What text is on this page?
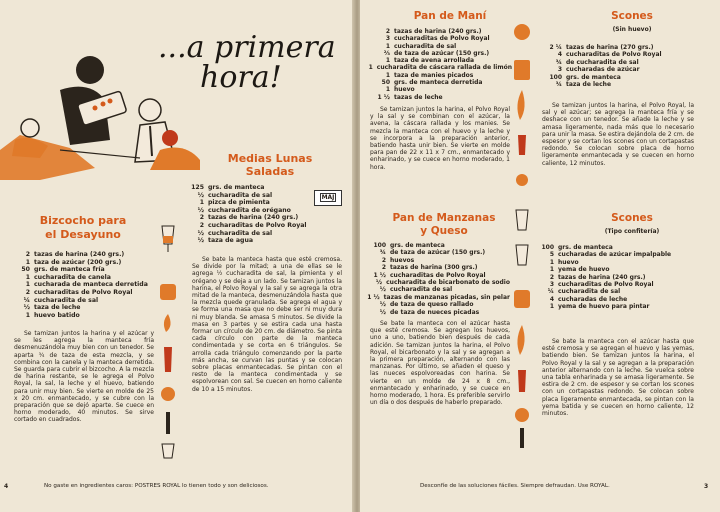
...a primera
Medias Lunas
Saladas
MAJ
125 grs. de manteca
½ cucharadita de sal
1 pizca de pimienta
½ cucharadita de orégano
2 tazas de harina (240 grs.)
2 cucharaditas de Polvo Royal
½ cucharadita de sal
½ taza de agua
Se bate la manteca hasta que esté cremosa. Se divide por la mitad; a una de ellas se le agrega ½ cucharadita de sal, la pimienta y el orégano y se deja a un lado. Se tamizan juntos la harina, el Polvo Royal y la sal y se agrega la otra mitad de la manteca, desmenuzándola hasta que la mezcla quede granulada. Se agrega el agua y se forma una masa que no debe ser ni muy dura ni muy blanda. Se amasa 5 minutos. Se divide la masa en 3 partes y se estira cada una hasta formar un círculo de 20 cm. de diámetro. Se pinta cada círculo con parte de la manteca condimentada y se corta en 6 triángulos. Se arrolla cada triángulo comenzando por la parte más ancha, se curvan las puntas y se colocan sobre placas enmantecadas. Se pintan con el resto de la manteca condimentada y se espolvorean con sal. Se cuecen en horno caliente de 10 a 15 minutos.
Bizcocho para
el Desayuno
2 tazas de harina (240 grs.)
1 taza de azúcar (200 grs.)
50 grs. de manteca fría
1 cucharadita de canela
1 cucharada de manteca derretida
2 cucharaditas de Polvo Royal
¼ cucharadita de sal
½ taza de leche
1 huevo batido
Se tamizan juntos la harina y el azúcar y se les agrega la manteca fría desmenuzándola muy bien con un tenedor. Se aparta ¾ de taza de esta mezcla, y se combina con la canela y la manteca derretida. Se guarda para cubrir el bizcocho. A la mezcla de harina restante, se le agrega el Polvo Royal, la sal, la leche y el huevo, batiendo para unir muy bien. Se vierte en molde de 25 x 20 cm. enmantecado, y se cubre con la preparación que se dejó aparte. Se cuece en horno moderado, 40 minutos. Se sirve cortado en cuadrados.
4	No gaste en ingredientes caros: POSTRES ROYAL lo tienen todo y son deliciosos.
hora!
Pan de Maní
2 tazas de harina (240 grs.)
3 cucharaditas de Polvo Royal
1 cucharadita de sal
⅔ de taza de azúcar (150 grs.)
1 taza de avena arrollada
1 cucharadita de cáscara rallada de limón
1 taza de manies picados
50 grs. de manteca derretida
1 huevo
1 ½ tazas de leche
Se tamizan juntos la harina, el Polvo Royal y la sal y se combinan con el azúcar, la avena, la cáscara rallada y los manies. Se mezcla la manteca con el huevo y la leche y se incorpora a la preparación anterior, batiendo hasta unir bien. Se vierte en molde para pan de 22 x 11 x 7 cm., enmantecado y enharinado, y se cuece en horno moderado, 1 hora.
Pan de Manzanas
y Queso
100 grs. de manteca
¾ de taza de azúcar (150 grs.)
2 huevos
2 tazas de harina (300 grs.)
1 ½ cucharaditas de Polvo Royal
½ cucharadita de bicarbonato de sodio
½ cucharadita de sal
1 ½ tazas de manzanas picadas, sin pelar
½ de taza de queso rallado
½ de taza de nueces picadas
Se bate la manteca con el azúcar hasta que esté cremosa. Se agregan los huevos, uno a uno, batiendo bien después de cada adición. Se tamizan juntos la harina, el Polvo Royal, el bicarbonato y la sal y se agregan a la primera preparación, alternando con las manzanas. Por último, se añaden el queso y las nueces espolvoreadas con harina. Se vierte en un molde de 24 x 8 cm., enmantecado y enharinado, y se cuece en horno moderado, 1 hora. Es preferible servirlo un día o dos después de haberlo preparado.
Scones
(Sin huevo)
2 ¼ tazas de harina (270 grs.)
4 cucharaditas de Polvo Royal
¾ de cucharadita de sal
3 cucharadas de azúcar
100 grs. de manteca
¾ taza de leche
Se tamizan juntos la harina, el Polvo Royal, la sal y el azúcar; se agrega la manteca fría y se deshace con un tenedor. Se añade la leche y se amasa ligeramente, nada más que lo necesario para unir la masa. Se estira dejándola de 2 cm. de espesor y se cortan los scones con un cortapastas redondo. Se colocan sobre placa de horno ligeramente enmantecada y se cuecen en horno caliente, 12 minutos.
Scones
(Tipo confitería)
100 grs. de manteca
5 cucharadas de azúcar impalpable
1 huevo
1 yema de huevo
2 tazas de harina (240 grs.)
3 cucharaditas de Polvo Royal
¼ cucharadita de sal
4 cucharadas de leche
1 yema de huevo para pintar
Se bate la manteca con el azúcar hasta que esté cremosa y se agregan el huevo y las yemas, batiendo bien. Se tamizan juntos la harina, el Polvo Royal y la sal y se agregan a la preparación anterior alternando con la leche. Se vuelca sobre una tabla enharinada y se amasa ligeramente. Se estira de 2 cm. de espesor y se cortan los scones con un cortapastas redondo. Se colocan sobre placa ligeramente enmantecada, se pintan con la yema batida y se cuecen en horno caliente, 12 minutos.
Desconfíe de las soluciones fáciles. Siempre defraudan. Use ROYAL.	3
